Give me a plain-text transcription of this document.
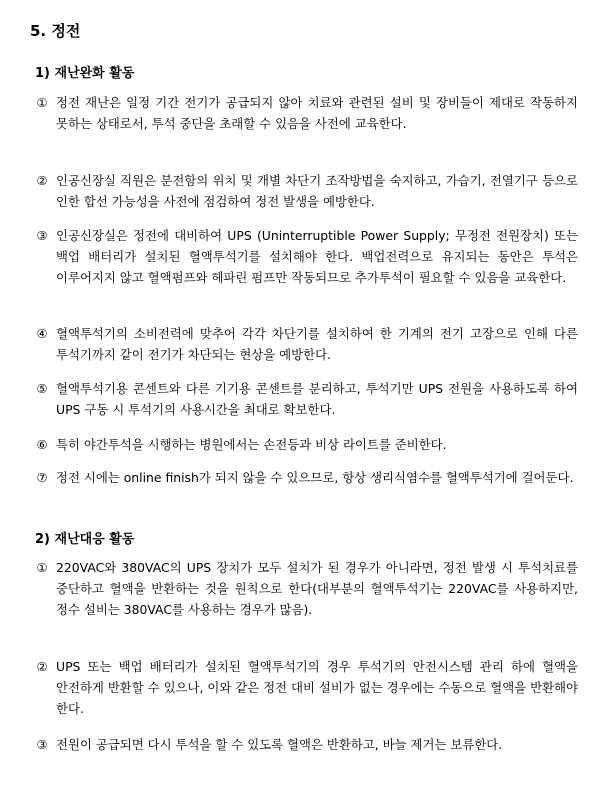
5. 정전
1) 재난완화 활동
① 정전 재난은 일정 기간 전기가 공급되지 않아 치료와 관련된 설비 및 장비들이 제대로 작동하지 못하는 상태로서, 투석 중단을 초래할 수 있음을 사전에 교육한다.
② 인공신장실 직원은 분전함의 위치 및 개별 차단기 조작방법을 숙지하고, 가습기, 전열기구 등으로 인한 합선 가능성을 사전에 점검하여 정전 발생을 예방한다.
③ 인공신장실은 정전에 대비하여 UPS (Uninterruptible Power Supply; 무정전 전원장치) 또는 백업 배터리가 설치된 혈액투석기를 설치해야 한다. 백업전력으로 유지되는 동안은 투석은 이루어지지 않고 혈액펌프와 헤파린 펌프만 작동되므로 추가투석이 필요할 수 있음을 교육한다.
④ 혈액투석기의 소비전력에 맞추어 각각 차단기를 설치하여 한 기계의 전기 고장으로 인해 다른 투석기까지 같이 전기가 차단되는 현상을 예방한다.
⑤ 혈액투석기용 콘센트와 다른 기기용 콘센트를 분리하고, 투석기만 UPS 전원을 사용하도록 하여 UPS 구동 시 투석기의 사용시간을 최대로 확보한다.
⑥ 특히 야간투석을 시행하는 병원에서는 손전등과 비상 라이트를 준비한다.
⑦ 정전 시에는 online finish가 되지 않을 수 있으므로, 항상 생리식염수를 혈액투석기에 걸어둔다.
2) 재난대응 활동
① 220VAC와 380VAC의 UPS 장치가 모두 설치가 된 경우가 아니라면, 정전 발생 시 투석치료를 중단하고 혈액을 반환하는 것을 원칙으로 한다(대부분의 혈액투석기는 220VAC를 사용하지만, 정수 설비는 380VAC를 사용하는 경우가 많음).
② UPS 또는 백업 배터리가 설치된 혈액투석기의 경우 투석기의 안전시스템 관리 하에 혈액을 안전하게 반환할 수 있으나, 이와 같은 정전 대비 설비가 없는 경우에는 수동으로 혈액을 반환해야 한다.
③ 전원이 공급되면 다시 투석을 할 수 있도록 혈액은 반환하고, 바늘 제거는 보류한다.
